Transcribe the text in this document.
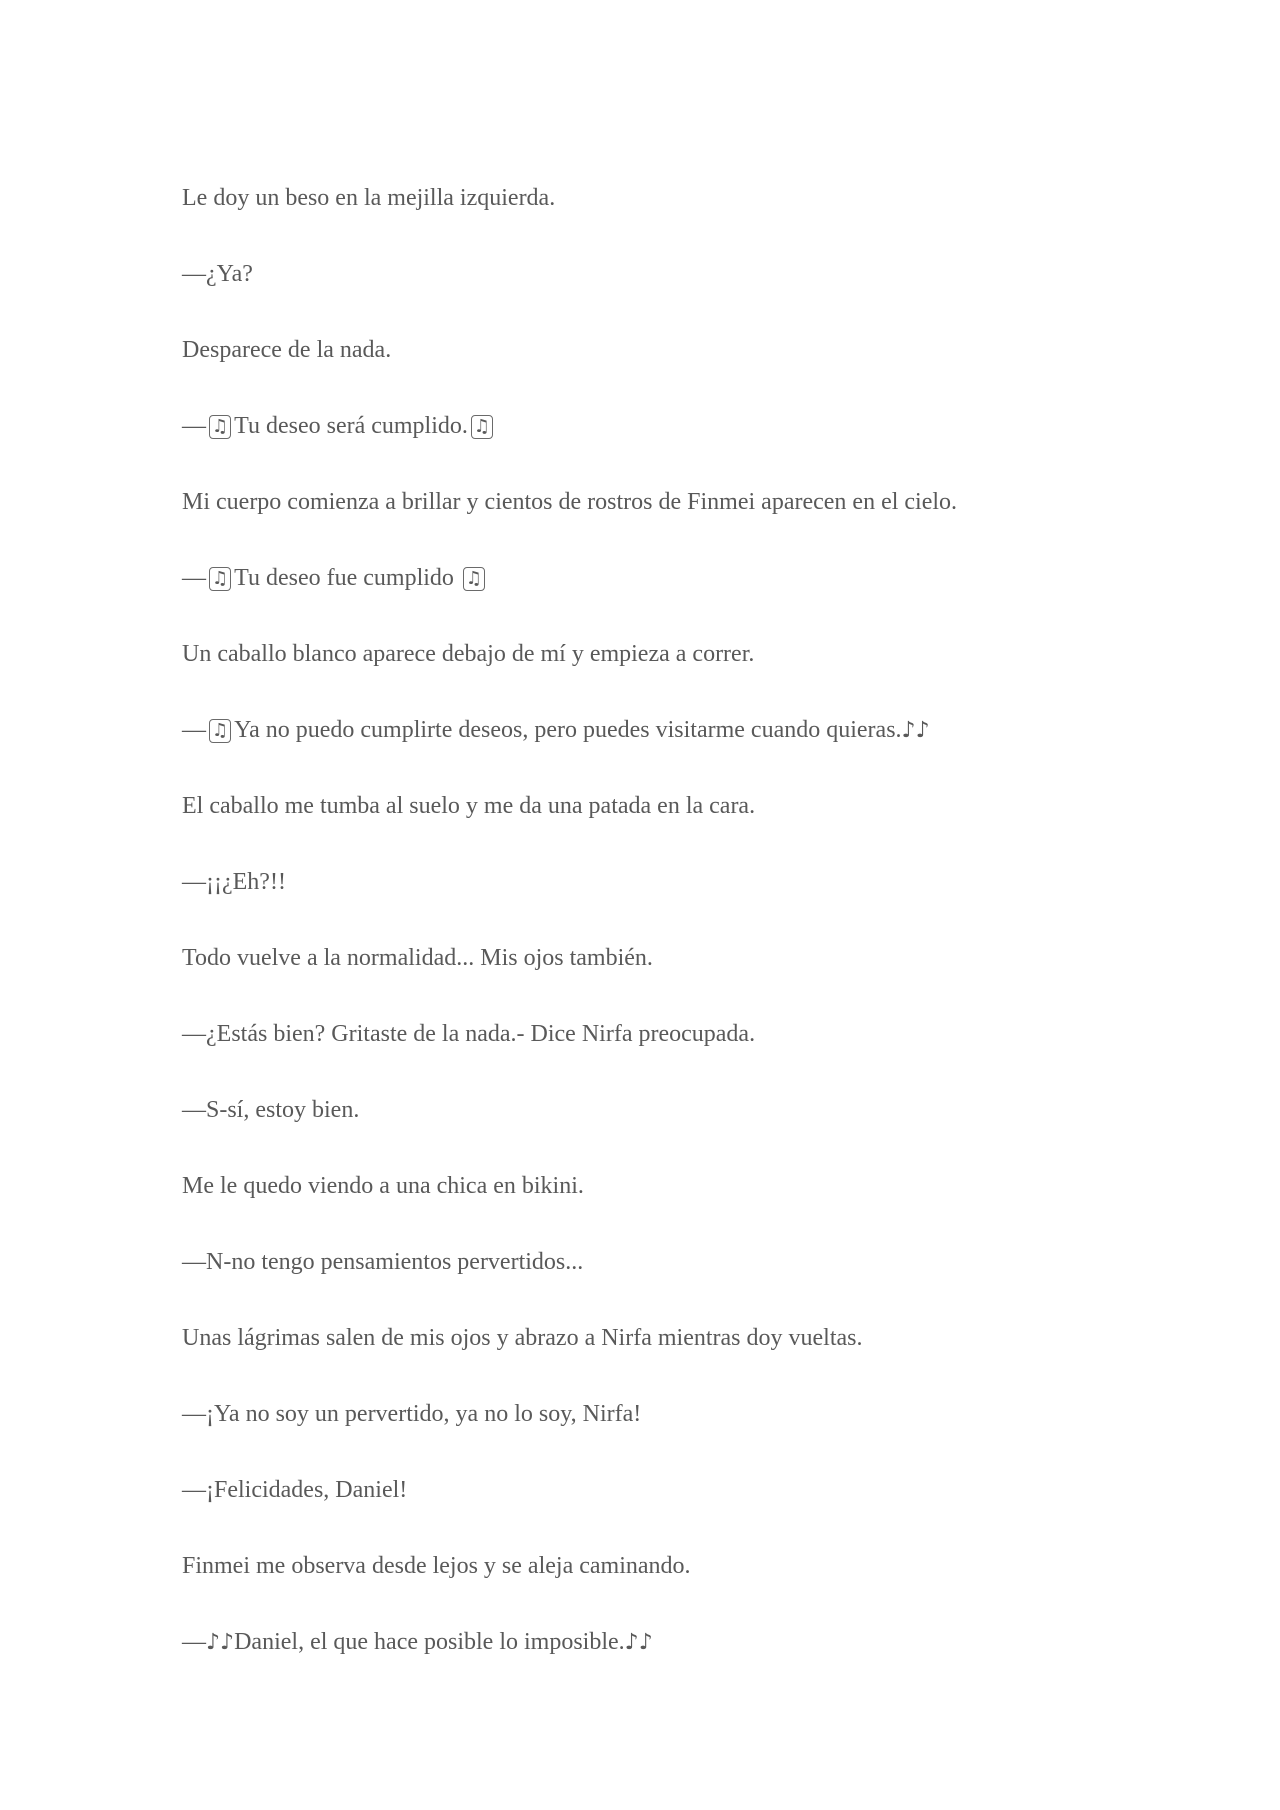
Le doy un beso en la mejilla izquierda.
—¿Ya?
Desparece de la nada.
— ♫ Tu deseo será cumplido. ♫
Mi cuerpo comienza a brillar y cientos de rostros de Finmei aparecen en el cielo.
— ♫ Tu deseo fue cumplido ♫
Un caballo blanco aparece debajo de mí y empieza a correr.
— ♫ Ya no puedo cumplirte deseos, pero puedes visitarme cuando quieras.♪♪
El caballo me tumba al suelo y me da una patada en la cara.
—¡¡¿Eh?!!
Todo vuelve a la normalidad... Mis ojos también.
—¿Estás bien? Gritaste de la nada.- Dice Nirfa preocupada.
—S-sí, estoy bien.
Me le quedo viendo a una chica en bikini.
—N-no tengo pensamientos pervertidos...
Unas lágrimas salen de mis ojos y abrazo a Nirfa mientras doy vueltas.
—¡Ya no soy un pervertido, ya no lo soy, Nirfa!
—¡Felicidades, Daniel!
Finmei me observa desde lejos y se aleja caminando.
—♪♪Daniel, el que hace posible lo imposible.♪♪
